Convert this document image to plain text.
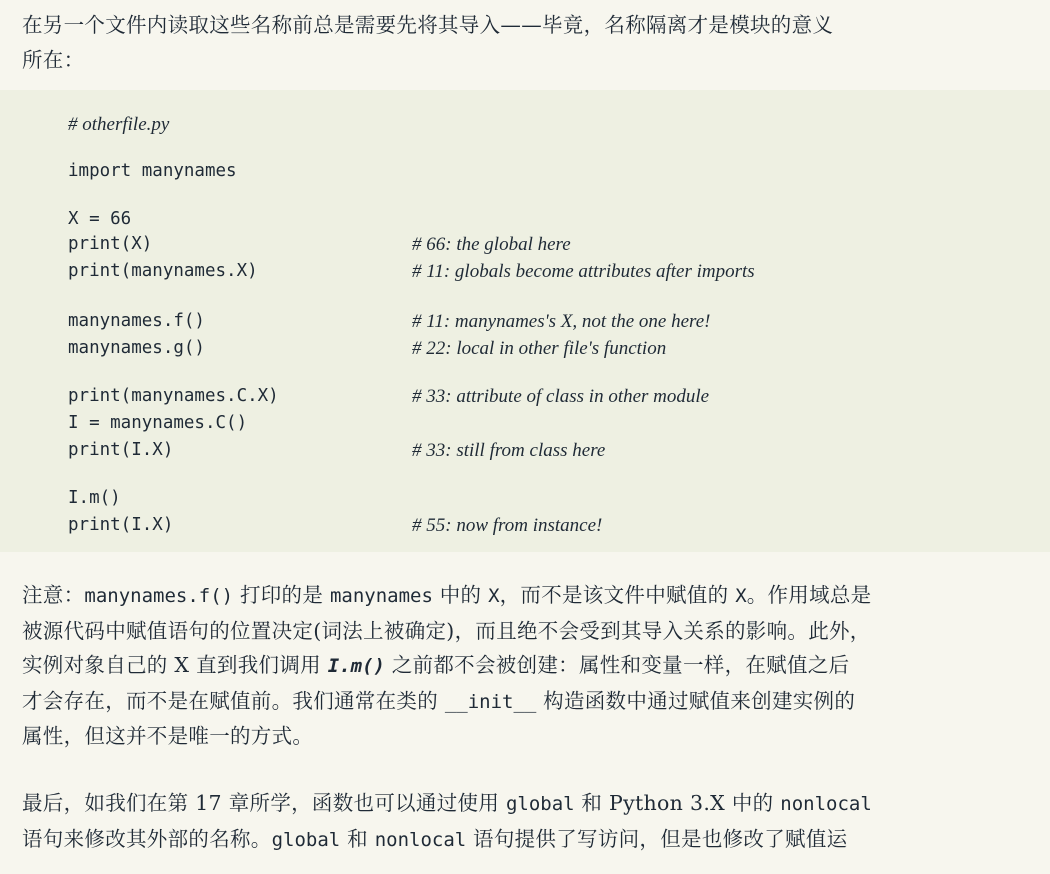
在另一个文件内读取这些名称前总是需要先将其导入——毕竟，名称隔离才是模块的意义
所在：

# otherfile.py
import manynames
X = 66
print(X)	# 66: the global here
print(manynames.X)	# 11: globals become attributes after imports
manynames.f()	# 11: manynames's X, not the one here!
manynames.g()	# 22: local in other file's function
print(manynames.C.X)	# 33: attribute of class in other module
I = manynames.C()
print(I.X)	# 33: still from class here
I.m()
print(I.X)	# 55: now from instance!

注意：manynames.f() 打印的是 manynames 中的 X，而不是该文件中赋值的 X。作用域总是
被源代码中赋值语句的位置决定(词法上被确定)，而且绝不会受到其导入关系的影响。此外，
实例对象自己的 X 直到我们调用 I.m() 之前都不会被创建：属性和变量一样，在赋值之后
才会存在，而不是在赋值前。我们通常在类的 __init__ 构造函数中通过赋值来创建实例的
属性，但这并不是唯一的方式。

最后，如我们在第 17 章所学，函数也可以通过使用 global 和 Python 3.X 中的 nonlocal
语句来修改其外部的名称。global 和 nonlocal 语句提供了写访问，但是也修改了赋值运
